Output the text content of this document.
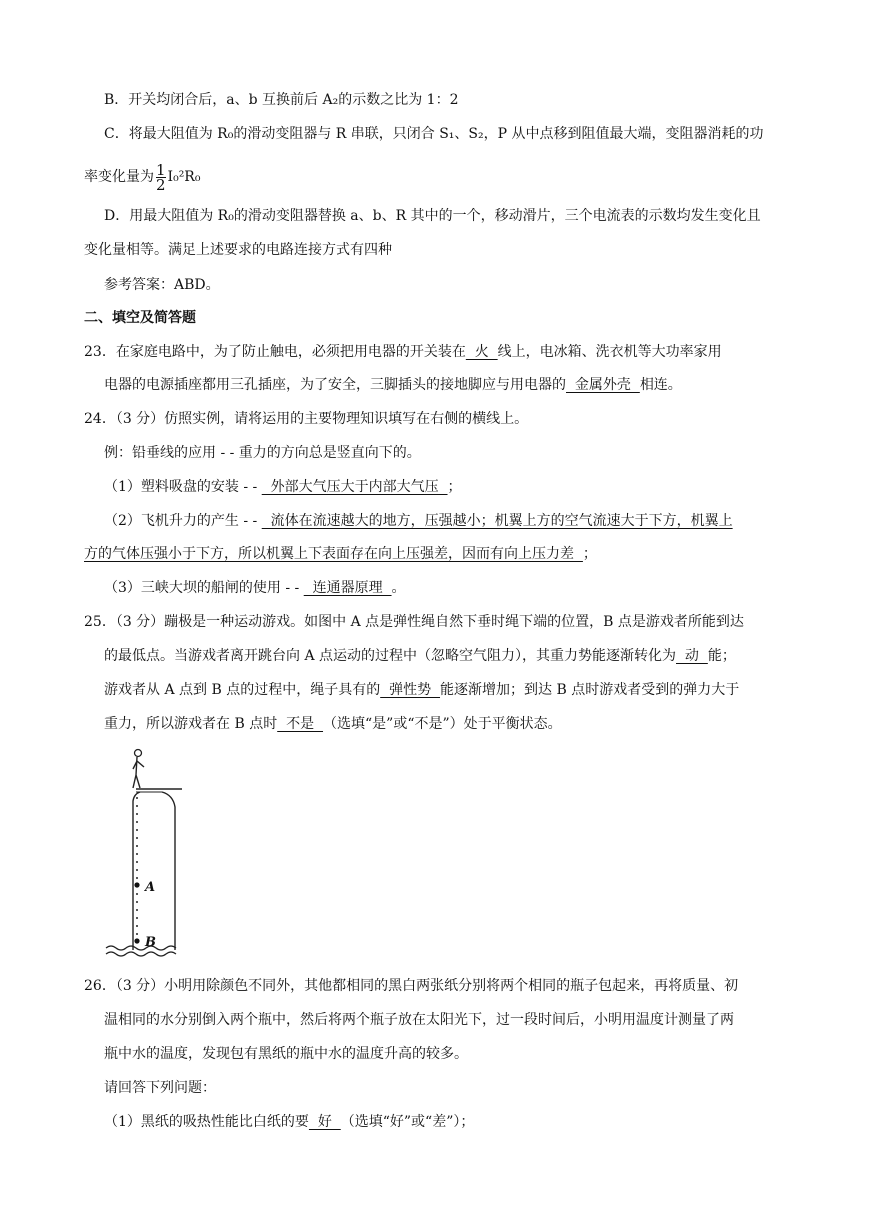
B．开关均闭合后，a、b 互换前后 A₂的示数之比为 1：2
C．将最大阻值为 R₀的滑动变阻器与 R 串联，只闭合 S₁、S₂，P 从中点移到阻值最大端，变阻器消耗的功
率变化量为 $\frac{1}{2} I_0^2R_0$
D．用最大阻值为 R₀的滑动变阻器替换 a、b、R 其中的一个，移动滑片，三个电流表的示数均发生变化且
变化量相等。满足上述要求的电路连接方式有四种
参考答案：ABD。
二、填空及简答题
23．在家庭电路中，为了防止触电，必须把用电器的开关装在  火  线上，电冰箱、洗衣机等大功率家用
电器的电源插座都用三孔插座，为了安全，三脚插头的接地脚应与用电器的  金属外壳  相连。
24．（3 分）仿照实例，请将运用的主要物理知识填写在右侧的横线上。
例：铅垂线的应用 - - 重力的方向总是竖直向下的。
（1）塑料吸盘的安装 - -   外部大气压大于内部大气压  ；
（2）飞机升力的产生 - -   流体在流速越大的地方，压强越小；机翼上方的空气流速大于下方，机翼上
方的气体压强小于下方，所以机翼上下表面存在向上压强差，因而有向上压力差  ；
（3）三峡大坝的船闸的使用 - -   连通器原理  。
25．（3 分）蹦极是一种运动游戏。如图中 A 点是弹性绳自然下垂时绳下端的位置，B 点是游戏者所能到达
的最低点。当游戏者离开跳台向 A 点运动的过程中（忽略空气阻力），其重力势能逐渐转化为  动  能；
游戏者从 A 点到 B 点的过程中，绳子具有的  弹性势  能逐渐增加；到达 B 点时游戏者受到的弹力大于
重力，所以游戏者在 B 点时  不是  （选填“是”或“不是”）处于平衡状态。
A
B
26．（3 分）小明用除颜色不同外，其他都相同的黑白两张纸分别将两个相同的瓶子包起来，再将质量、初
温相同的水分别倒入两个瓶中，然后将两个瓶子放在太阳光下，过一段时间后，小明用温度计测量了两
瓶中水的温度，发现包有黑纸的瓶中水的温度升高的较多。
请回答下列问题：
（1）黑纸的吸热性能比白纸的要  好  （选填“好”或“差”）；
